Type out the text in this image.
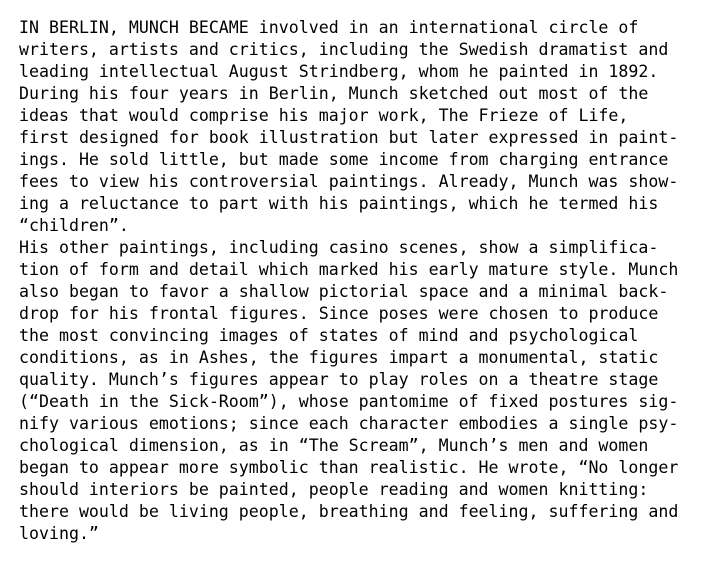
IN BERLIN, MUNCH BECAME involved in an international circle of
writers, artists and critics, including the Swedish dramatist and
leading intellectual August Strindberg, whom he painted in 1892.
During his four years in Berlin, Munch sketched out most of the
ideas that would comprise his major work, The Frieze of Life,
first designed for book illustration but later expressed in paint-
ings. He sold little, but made some income from charging entrance
fees to view his controversial paintings. Already, Munch was show-
ing a reluctance to part with his paintings, which he termed his
“children”.
His other paintings, including casino scenes, show a simplifica-
tion of form and detail which marked his early mature style. Munch
also began to favor a shallow pictorial space and a minimal back-
drop for his frontal figures. Since poses were chosen to produce
the most convincing images of states of mind and psychological
conditions, as in Ashes, the figures impart a monumental, static
quality. Munch’s figures appear to play roles on a theatre stage
(“Death in the Sick-Room”), whose pantomime of fixed postures sig-
nify various emotions; since each character embodies a single psy-
chological dimension, as in “The Scream”, Munch’s men and women
began to appear more symbolic than realistic. He wrote, “No longer
should interiors be painted, people reading and women knitting:
there would be living people, breathing and feeling, suffering and
loving.”
